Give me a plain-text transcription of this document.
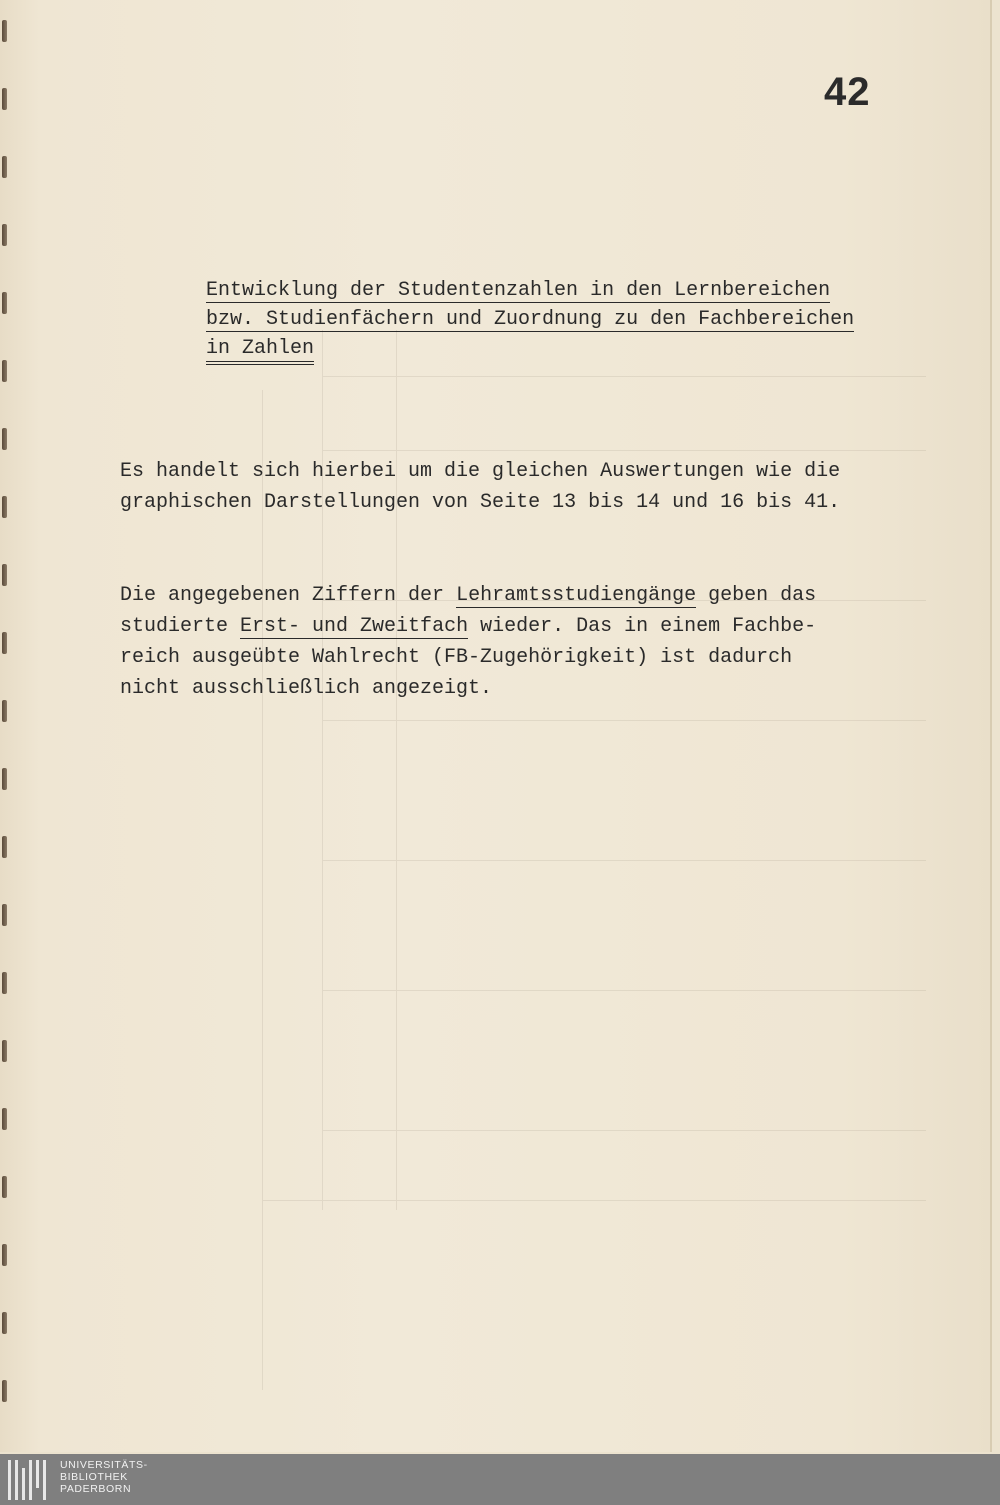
42
Entwicklung der Studentenzahlen in den Lernbereichen
bzw. Studienfächern und Zuordnung zu den Fachbereichen
in Zahlen
Es handelt sich hierbei um die gleichen Auswertungen wie die
graphischen Darstellungen von Seite 13 bis 14 und 16 bis 41.
Die angegebenen Ziffern der Lehramtsstudiengänge geben das
studierte Erst- und Zweitfach wieder. Das in einem Fachbe-
reich ausgeübte Wahlrecht (FB-Zugehörigkeit) ist dadurch
nicht ausschließlich angezeigt.
UNIVERSITÄTS-
BIBLIOTHEK
PADERBORN
